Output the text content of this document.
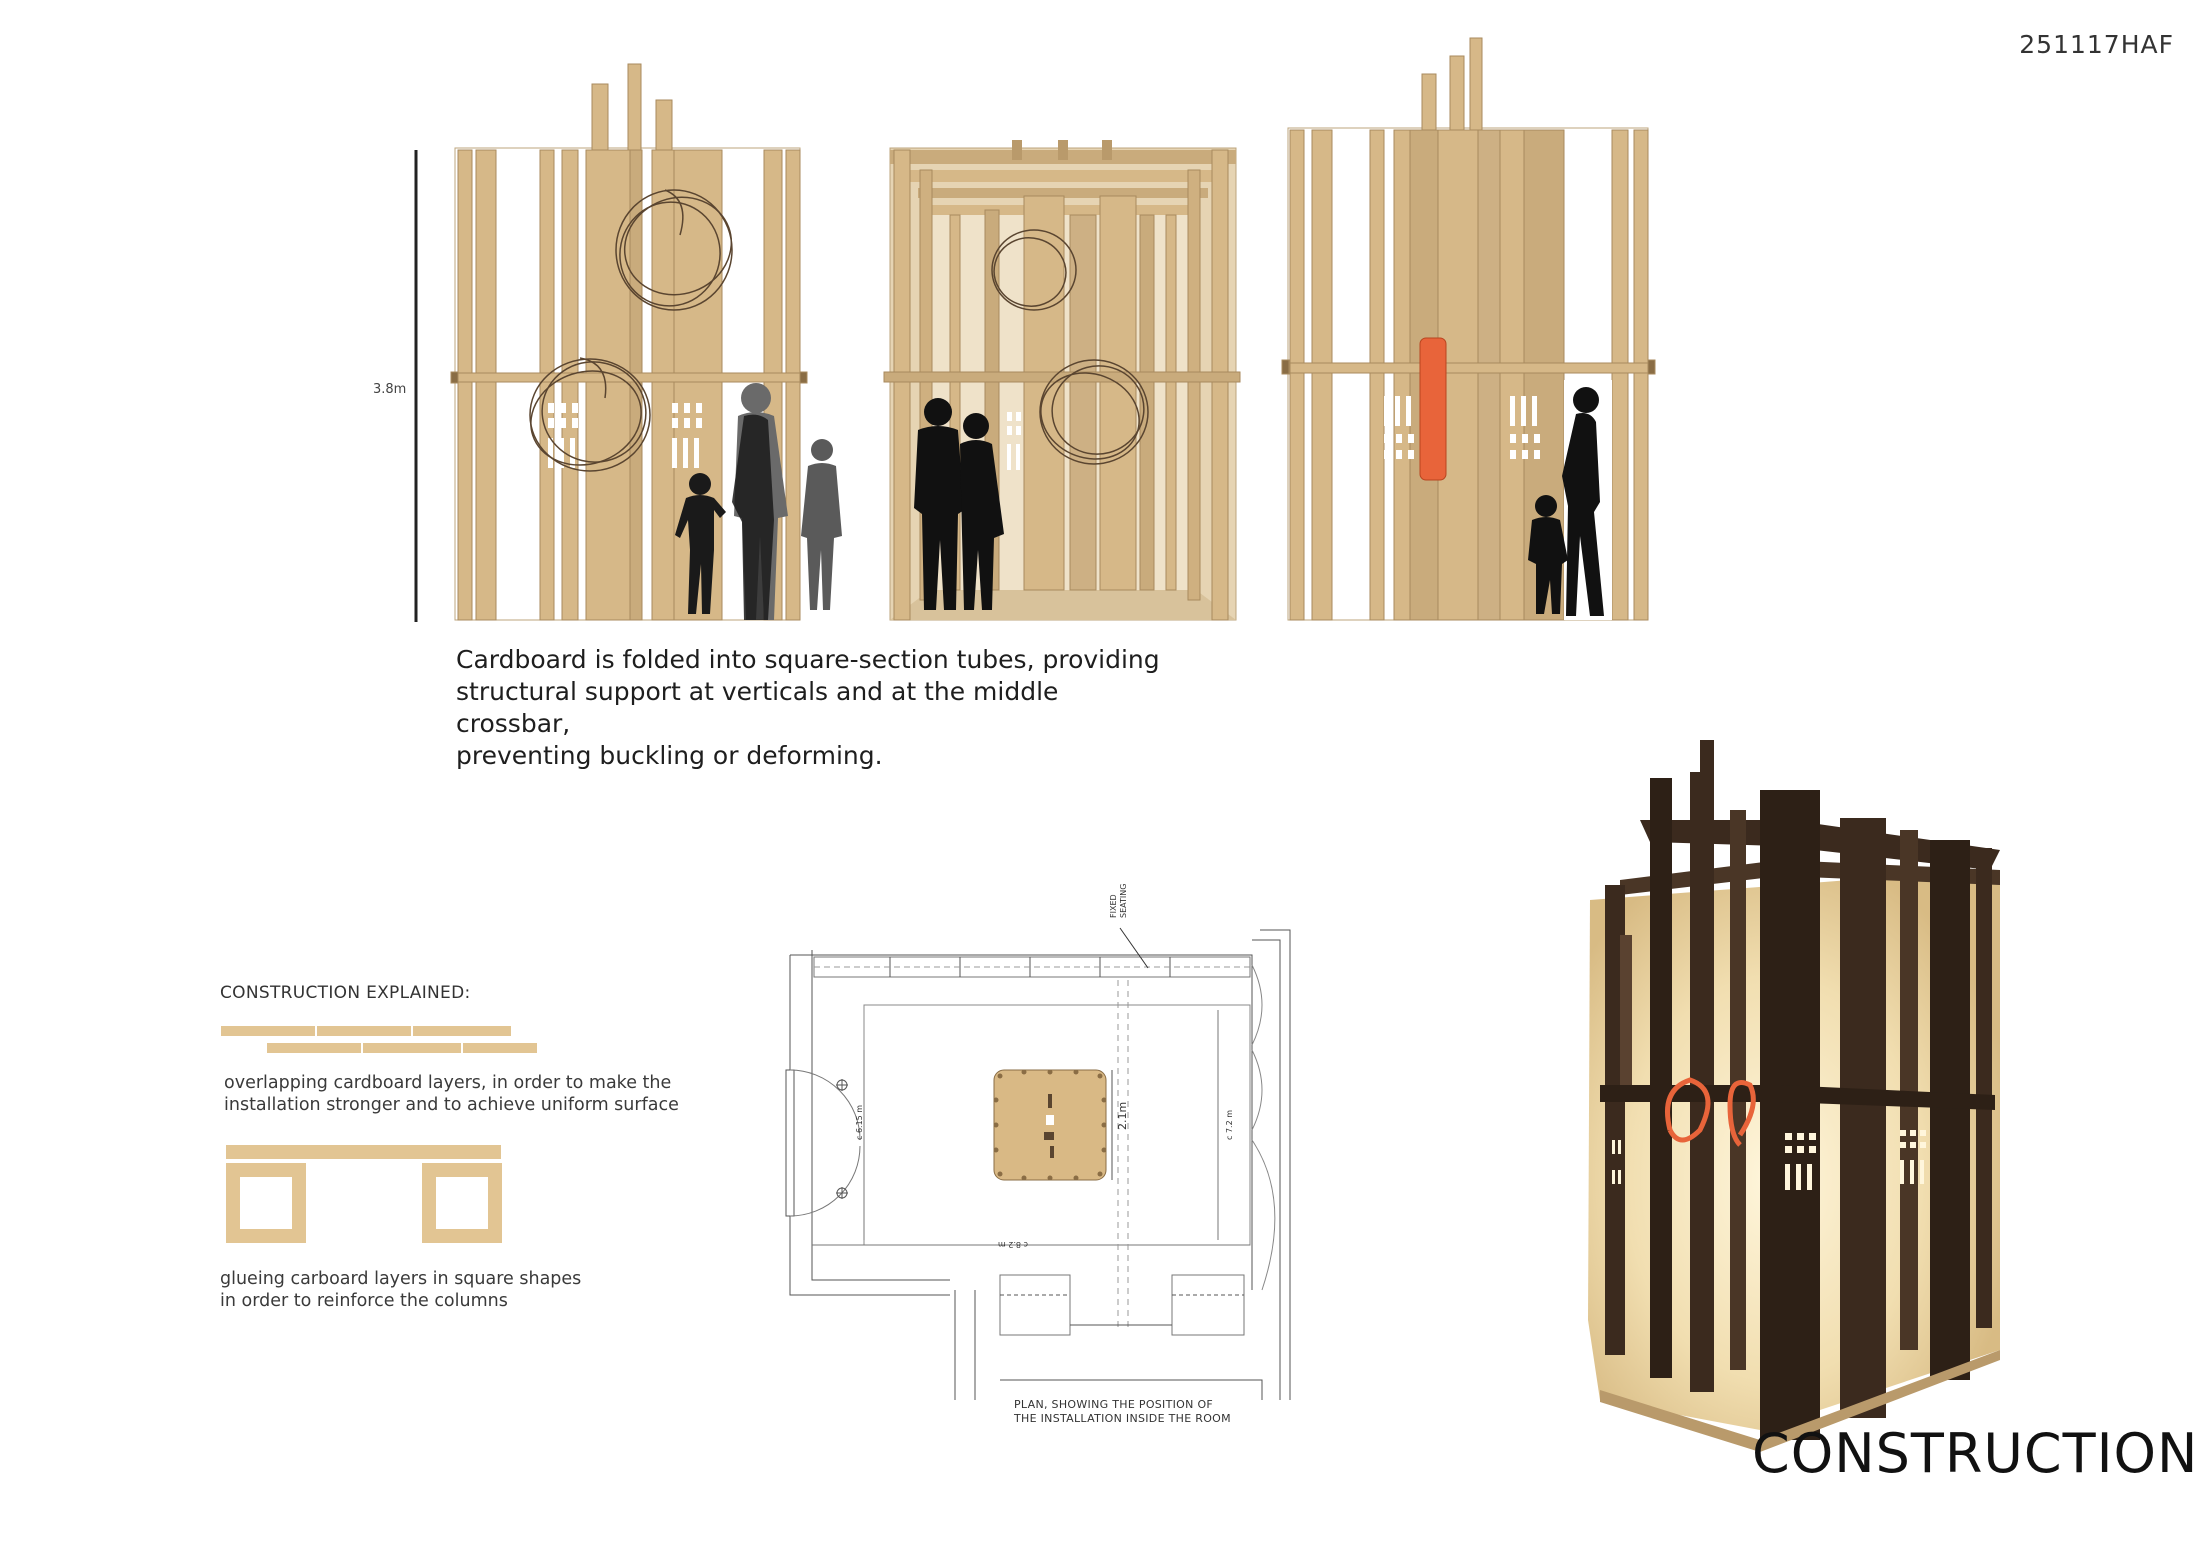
251117HAF
3.8m
2.1m
c 8.2 m
c 6.15 m	c 7.2 m
FIXED SEATING
Cardboard is folded into square-section tubes, providing
structural support at verticals and at the middle crossbar,
preventing buckling or deforming.
CONSTRUCTION EXPLAINED:
overlapping cardboard layers, in order to make the
installation stronger and to achieve uniform surface
glueing carboard layers in square shapes
in order to reinforce the columns
PLAN, SHOWING THE POSITION OF
THE INSTALLATION INSIDE THE ROOM
CONSTRUCTION
